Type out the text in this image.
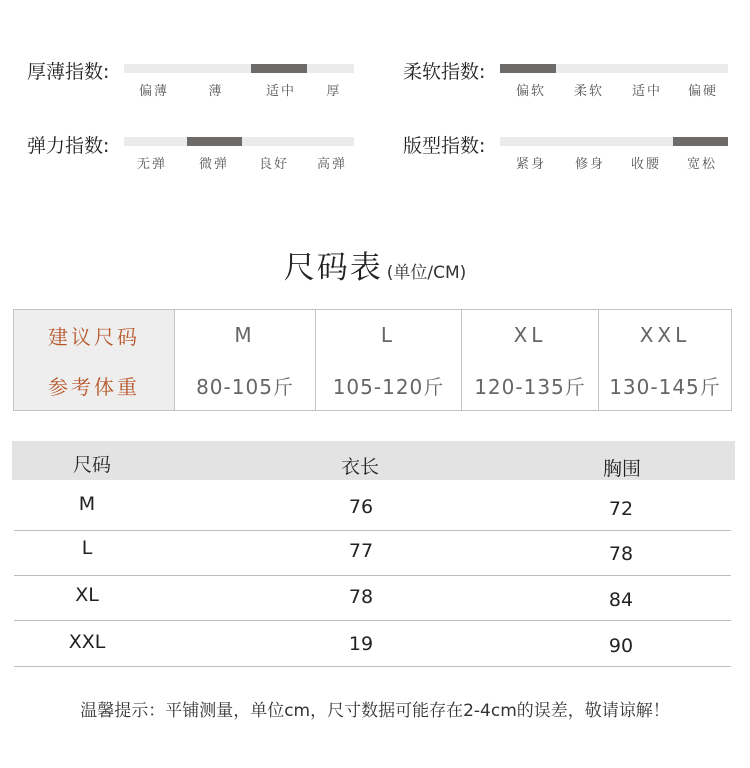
厚薄指数:
偏薄	薄	适中 厚
柔软指数:
偏软 柔软 适中 偏硬
弹力指数:
无弹 微弹 良好 高弹
版型指数:
紧身 修身 收腰 宽松
尺码表 (单位/CM)
建议尺码	M	L	XL	XXL
参考体重	80-105斤	105-120斤	120-135斤	130-145斤
尺码	衣长	胸围
M	76	72
L	77	78
XL	78	84
XXL	19	90
温馨提示：平铺测量，单位cm，尺寸数据可能存在2-4cm的误差，敬请谅解！
